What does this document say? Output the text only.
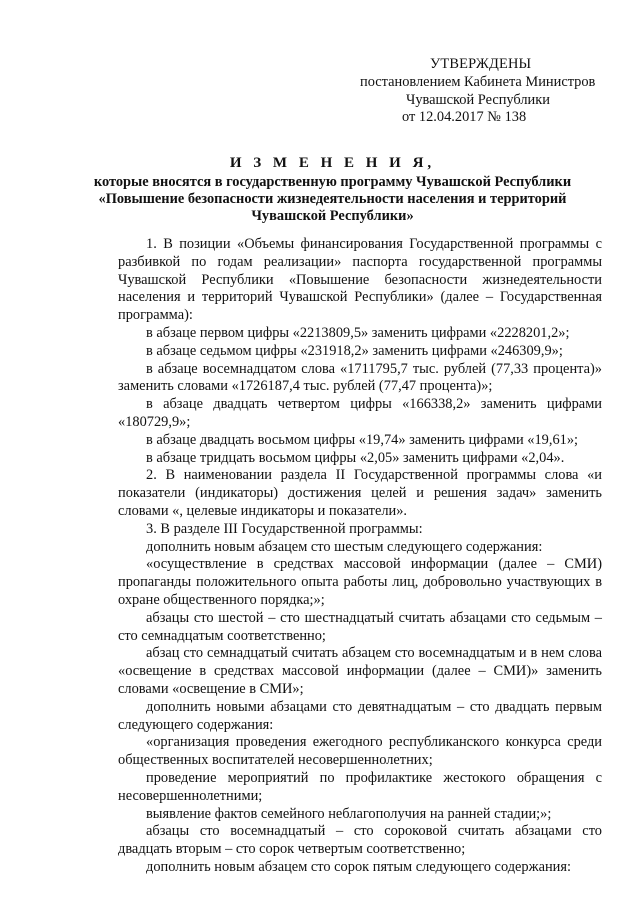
УТВЕРЖДЕНЫ
постановлением Кабинета Министров
Чувашской Республики
от 12.04.2017 № 138
И З М Е Н Е Н И Я,
которые вносятся в государственную программу Чувашской Республики «Повышение безопасности жизнедеятельности населения и территорий Чувашской Республики»

1. В позиции «Объемы финансирования Государственной программы с разбивкой по годам реализации» паспорта государственной программы Чувашской Республики «Повышение безопасности жизнедеятельности населения и территорий Чувашской Республики» (далее – Государственная программа):

в абзаце первом цифры «2213809,5» заменить цифрами «2228201,2»;

в абзаце седьмом цифры «231918,2» заменить цифрами «246309,9»;

в абзаце восемнадцатом слова «1711795,7 тыс. рублей (77,33 процента)» заменить словами «1726187,4 тыс. рублей (77,47 процента)»;

в абзаце двадцать четвертом цифры «166338,2» заменить цифрами «180729,9»;

в абзаце двадцать восьмом цифры «19,74» заменить цифрами «19,61»;

в абзаце тридцать восьмом цифры «2,05» заменить цифрами «2,04».

2. В наименовании раздела II Государственной программы слова «и показатели (индикаторы) достижения целей и решения задач» заменить словами «, целевые индикаторы и показатели».

3. В разделе III Государственной программы:

дополнить новым абзацем сто шестым следующего содержания:

«осуществление в средствах массовой информации (далее – СМИ) пропаганды положительного опыта работы лиц, добровольно участвующих в охране общественного порядка;»;

абзацы сто шестой – сто шестнадцатый считать абзацами сто седьмым – сто семнадцатым соответственно;

абзац сто семнадцатый считать абзацем сто восемнадцатым и в нем слова «освещение в средствах массовой информации (далее – СМИ)» заменить словами «освещение в СМИ»;

дополнить новыми абзацами сто девятнадцатым – сто двадцать первым следующего содержания:

«организация проведения ежегодного республиканского конкурса среди общественных воспитателей несовершеннолетних;

проведение мероприятий по профилактике жестокого обращения с несовершеннолетними;

выявление фактов семейного неблагополучия на ранней стадии;»;

абзацы сто восемнадцатый – сто сороковой считать абзацами сто двадцать вторым – сто сорок четвертым соответственно;

дополнить новым абзацем сто сорок пятым следующего содержания:
